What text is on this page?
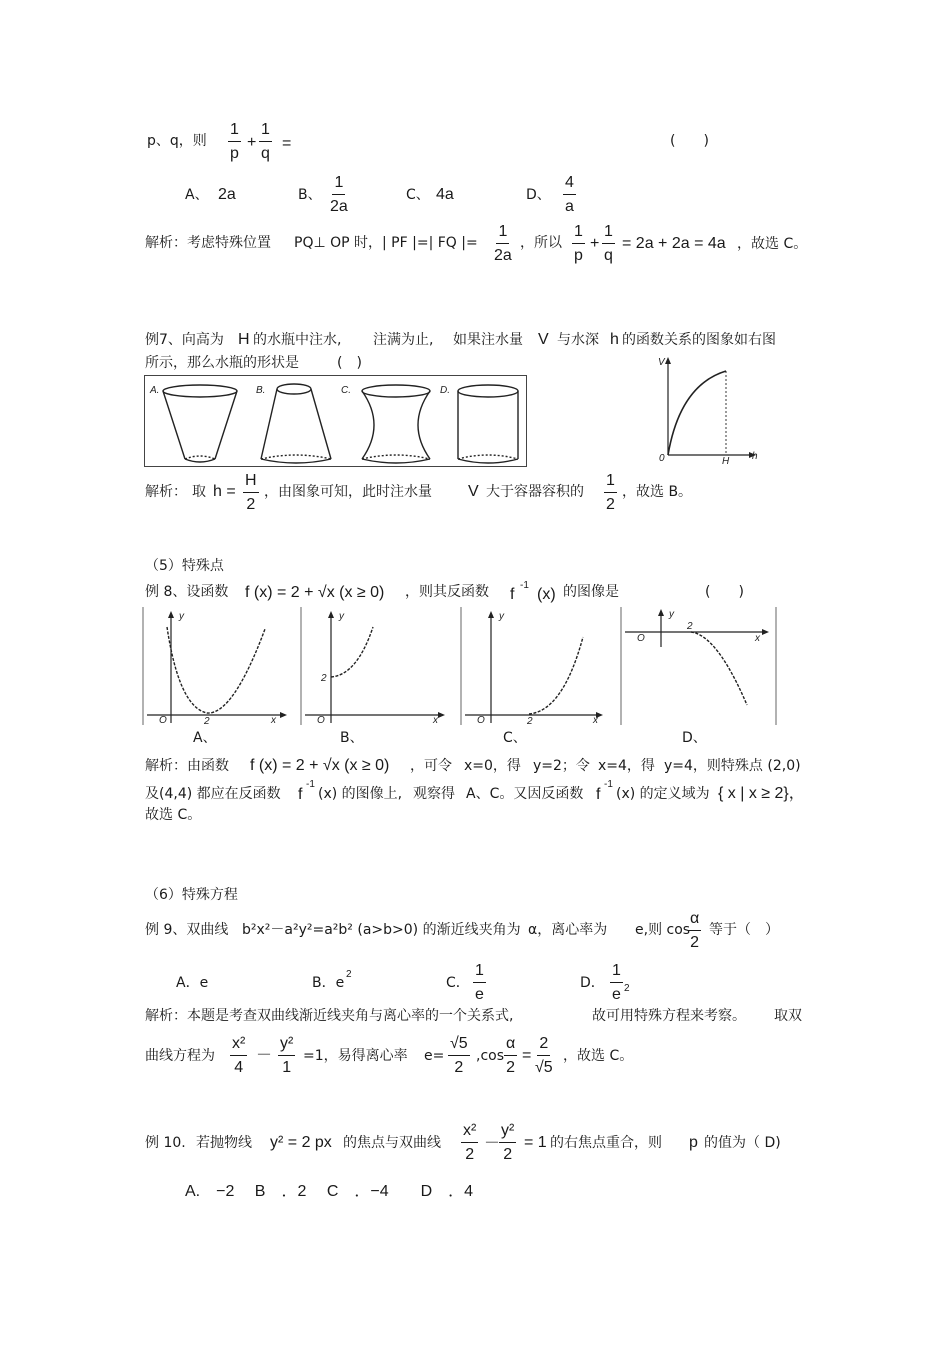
p、q，则 $\frac{1}{p} + \frac{1}{q}$ =	(　　)
A、 2a	B、 $\frac{1}{2a}$	C、 4a	D、 $\frac{4}{a}$
解析：考虑特殊位置 PQ⊥ OP 时，| PF |=| FQ |= $\frac{1}{2a}$ ，所以 $\frac{1}{p} + \frac{1}{q} = 2a + 2a = 4a$ ，故选 C。
例7、向高为 H 的水瓶中注水, 注满为止, 如果注水量 V 与水深 h 的函数关系的图象如右图
所示，那么水瓶的形状是	(　)
A.	B.	C.	D.
V
h
0	H
解析： 取 $h = \frac{H}{2}$ ，由图象可知，此时注水量 V 大于容器容积的 $\frac{1}{2}$ ，故选 B。
（5）特殊点
例 8、设函数 f (x) = 2 + √x (x ≥ 0) ，则其反函数 f
-1
(x) 的图像是	(　　)
y
x
O	2
y
x
O
2
y
x
O	2
y
x
O
2
A、	B、	C、	D、
解析：由函数 f (x) = 2 + √x (x ≥ 0) ，可令 x=0，得 y=2；令 x=4，得 y=4，则特殊点 (2,0)
及(4,4) 都应在反函数 f
-1
(x) 的图像上, 观察得 A、C。又因反函数 f
-1
(x) 的定义域为 { x | x ≥ 2}，
故选 C。
（6）特殊方程
例 9、双曲线 b²x²－a²y²=a²b² (a>b>0) 的渐近线夹角为 α，离心率为 e,则 cos
$\frac{\alpha}{2}$ 等于（　）
A．e	B．e
2
C． $\frac{1}{e}$	D． $\frac{1}{e} 2$
解析：本题是考查双曲线渐近线夹角与离心率的一个关系式,	故可用特殊方程来考察。 取双
曲线方程为 $\frac{\text{x²}}{4} - \frac{\text{y²}}{1} =1$，易得离心率 $e= \frac{√5}{2} ,\cos \frac{\alpha}{2} = \frac{2}{√5}$ ，故选 C。
例 10. 若抛物线 y² = 2 px 的焦点与双曲线 $\frac{\text{x²}}{2}$ －
$\frac{\text{y²}}{2} = 1$ 的右焦点重合，则 p 的值为（ D)
A.　−2　 B　．2　 C　．−4　　D　．4
